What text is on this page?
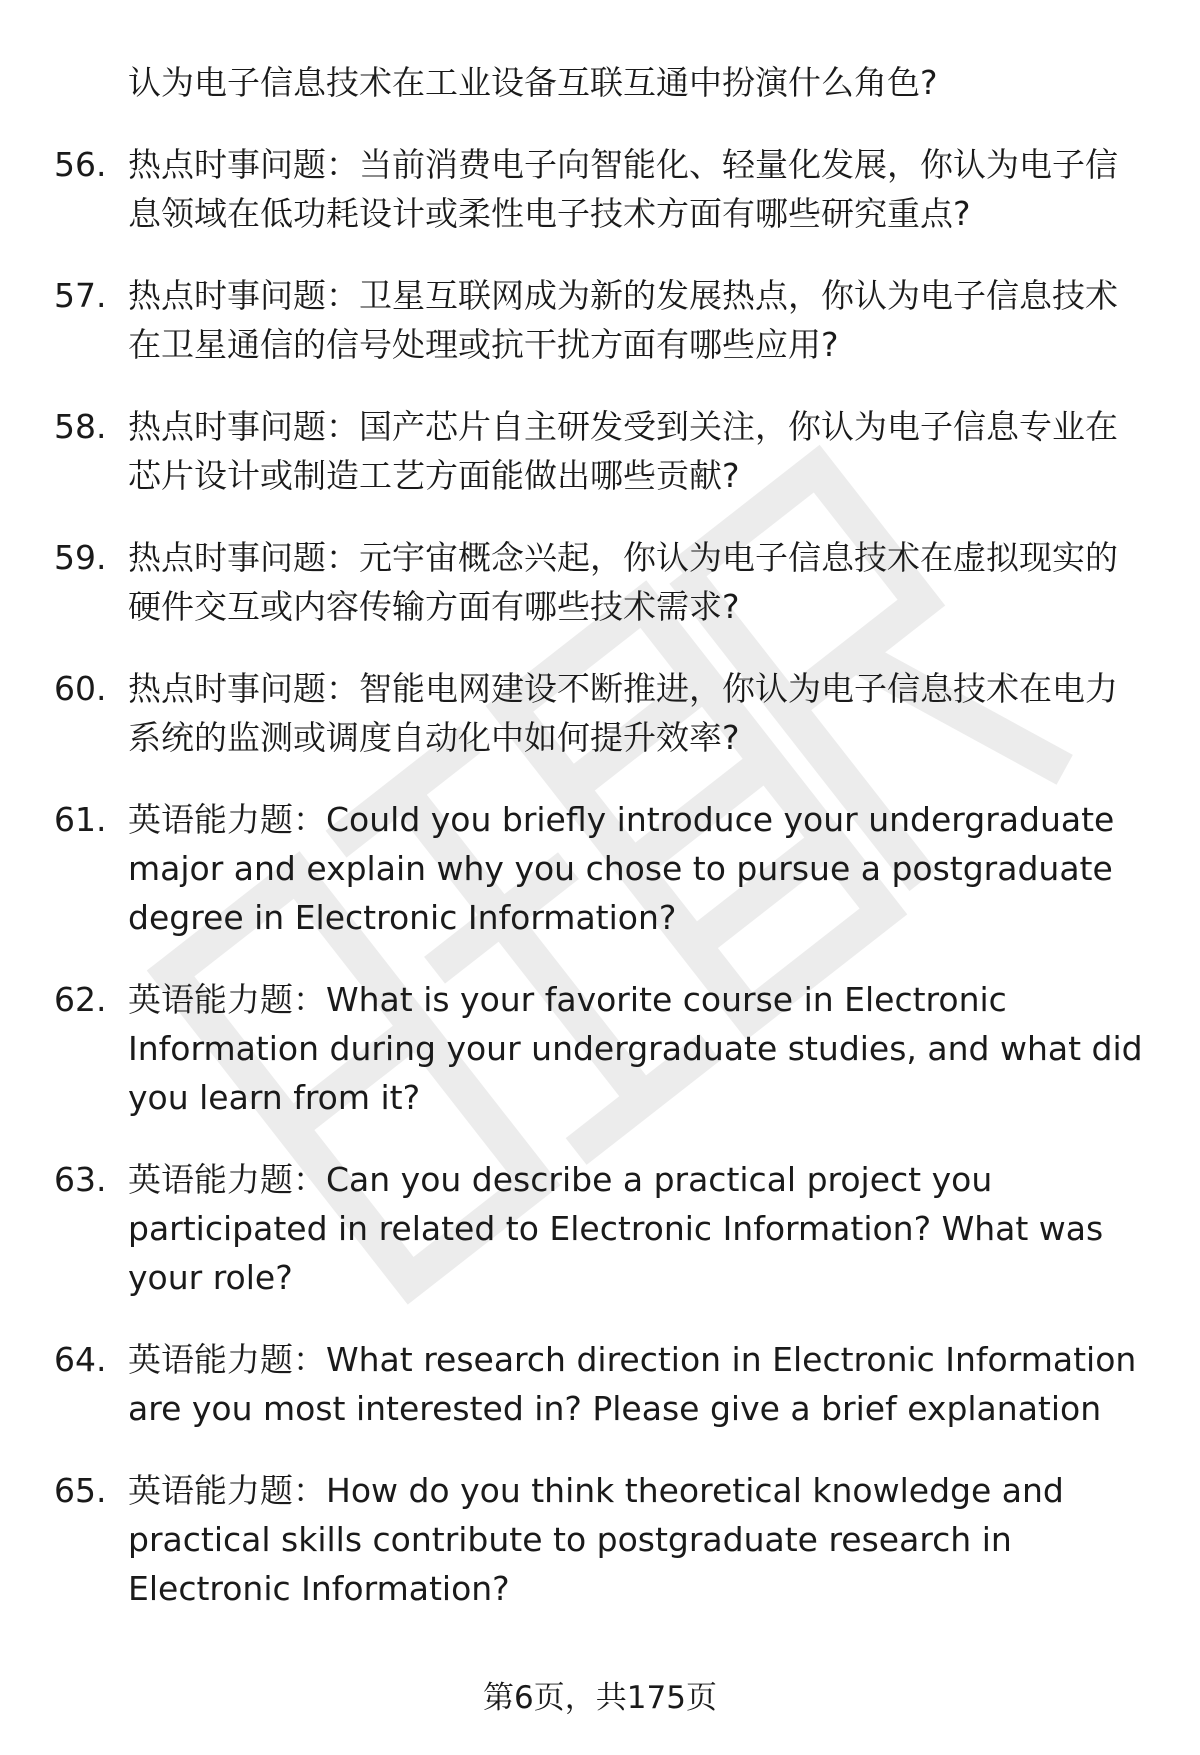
认为电子信息技术在工业设备互联互通中扮演什么角色?
56. 热点时事问题：当前消费电子向智能化、轻量化发展，你认为电子信息领域在低功耗设计或柔性电子技术方面有哪些研究重点?
57. 热点时事问题：卫星互联网成为新的发展热点，你认为电子信息技术在卫星通信的信号处理或抗干扰方面有哪些应用?
58. 热点时事问题：国产芯片自主研发受到关注，你认为电子信息专业在芯片设计或制造工艺方面能做出哪些贡献?
59. 热点时事问题：元宇宙概念兴起，你认为电子信息技术在虚拟现实的硬件交互或内容传输方面有哪些技术需求?
60. 热点时事问题：智能电网建设不断推进，你认为电子信息技术在电力系统的监测或调度自动化中如何提升效率?
61. 英语能力题：Could you briefly introduce your undergraduate major and explain why you chose to pursue a postgraduate degree in Electronic Information?
62. 英语能力题：What is your favorite course in Electronic Information during your undergraduate studies, and what did you learn from it?
63. 英语能力题：Can you describe a practical project you participated in related to Electronic Information? What was your role?
64. 英语能力题：What research direction in Electronic Information are you most interested in? Please give a brief explanation
65. 英语能力题：How do you think theoretical knowledge and practical skills contribute to postgraduate research in Electronic Information?
第6页，共175页
